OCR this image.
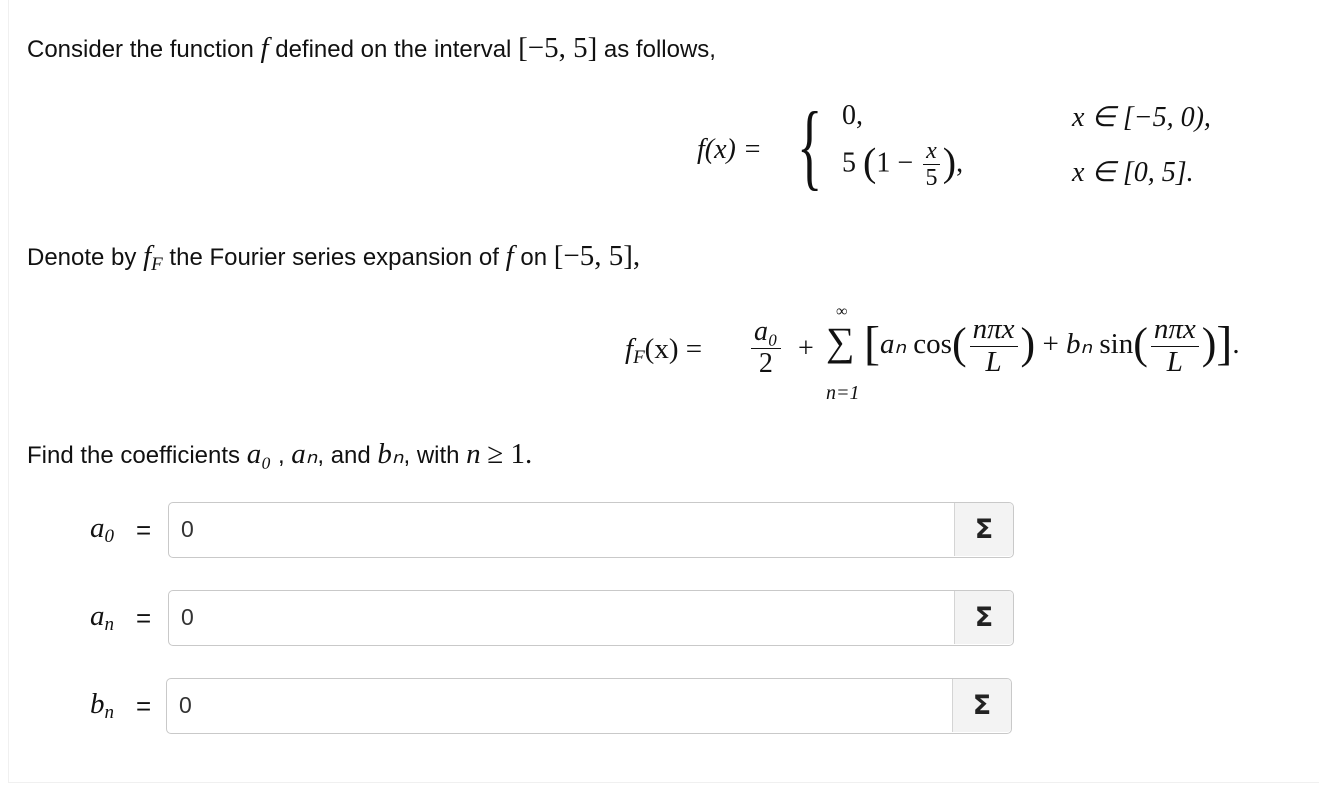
Consider the function f defined on the interval [−5, 5] as follows,
f(x) = { 0,	x ∈ [−5, 0),
5 ($1 - \frac{x}{5}$ ),	x ∈ [0, 5].
Denote by $f_F$ the Fourier series expansion of f on [−5, 5],
$f_F(x) = \frac{\text{a₀}}{2}$ +
∞
∑
n=1
[aₙ $\cos( \frac{\text{nπx}}{L}$ ) + bₙ $\sin( \frac{\text{nπx}}{L}$ )].
Find the coefficients a₀ , aₙ, and bₙ, with n ≥ 1.
$a_0$ =
0	Σ
$a_n$ =
0	Σ
$b_n$ =
0	Σ
